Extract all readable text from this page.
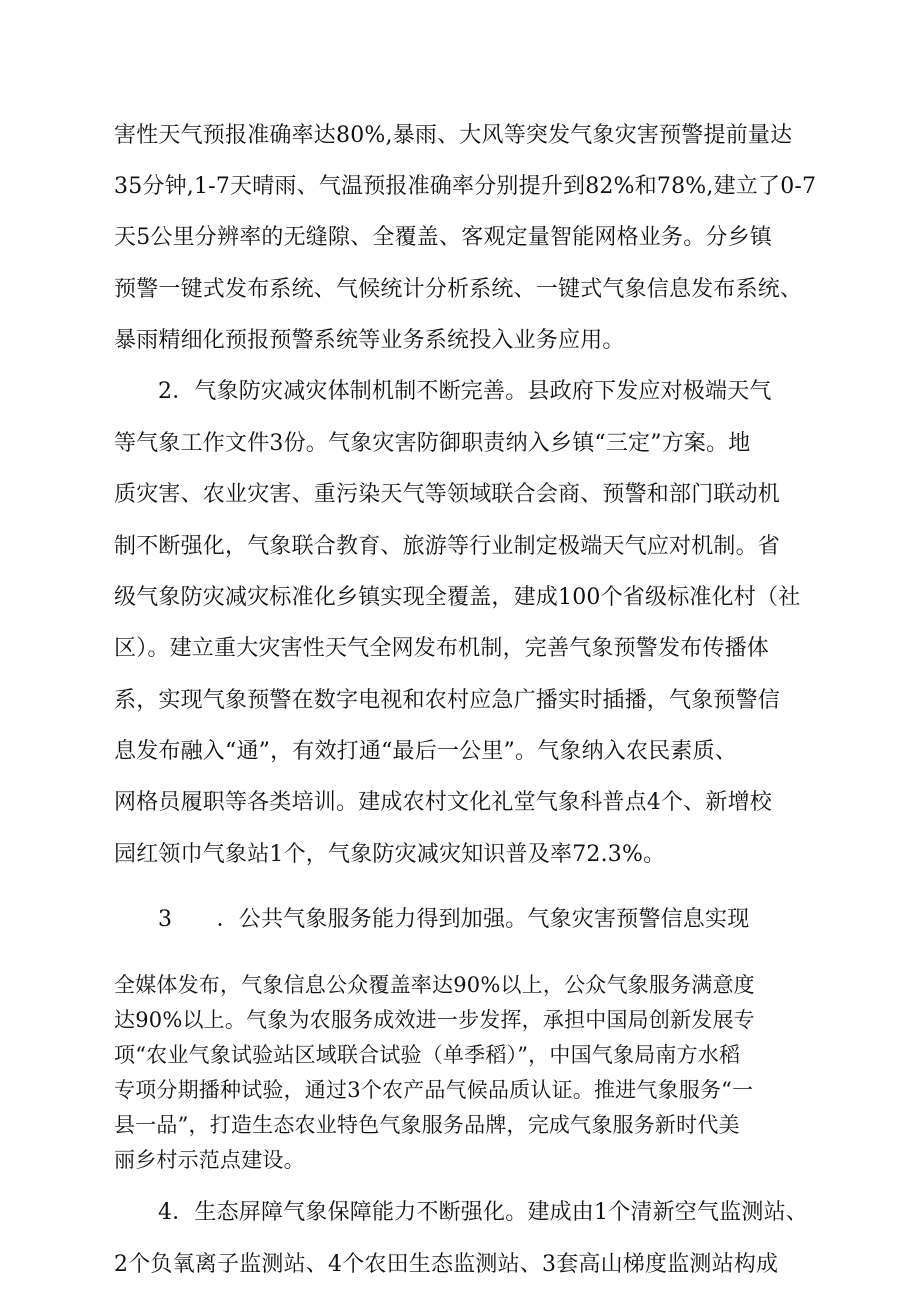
害性天气预报准确率达80%,暴雨、大风等突发气象灾害预警提前量达
35分钟,1-7天晴雨、气温预报准确率分别提升到82%和78%,建立了0-7
天5公里分辨率的无缝隙、全覆盖、客观定量智能网格业务。分乡镇
预警一键式发布系统、气候统计分析系统、一键式气象信息发布系统、
暴雨精细化预报预警系统等业务系统投入业务应用。
2．气象防灾减灾体制机制不断完善。县政府下发应对极端天气
等气象工作文件3份。气象灾害防御职责纳入乡镇“三定”方案。地
质灾害、农业灾害、重污染天气等领域联合会商、预警和部门联动机
制不断强化，气象联合教育、旅游等行业制定极端天气应对机制。省
级气象防灾减灾标准化乡镇实现全覆盖，建成100个省级标准化村（社
区）。建立重大灾害性天气全网发布机制，完善气象预警发布传播体
系，实现气象预警在数字电视和农村应急广播实时插播，气象预警信
息发布融入“通”，有效打通“最后一公里”。气象纳入农民素质、
网格员履职等各类培训。建成农村文化礼堂气象科普点4个、新增校
园红领巾气象站1个，气象防灾减灾知识普及率72.3%。
3　　．公共气象服务能力得到加强。气象灾害预警信息实现
全媒体发布，气象信息公众覆盖率达90%以上，公众气象服务满意度
达90%以上。气象为农服务成效进一步发挥，承担中国局创新发展专
项“农业气象试验站区域联合试验（单季稻）”，中国气象局南方水稻
专项分期播种试验，通过3个农产品气候品质认证。推进气象服务“一
县一品”，打造生态农业特色气象服务品牌，完成气象服务新时代美
丽乡村示范点建设。
4．生态屏障气象保障能力不断强化。建成由1个清新空气监测站、
2个负氧离子监测站、4个农田生态监测站、3套高山梯度监测站构成
